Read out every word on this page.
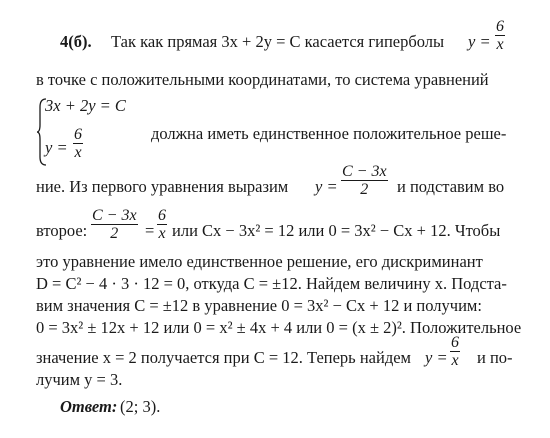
4(б). Так как прямая 3x + 2y = C касается гиперболы y =
6
x
в точке с положительными координатами, то система уравнений
3x + 2y = C
y =
6
x
должна иметь единственное положительное реше-
ние. Из первого уравнения выразим y =
C − 3x
2	и подставим во
второе:
C − 3x
2	=
6
x или Cx − 3x² = 12 или 0 = 3x² − Cx + 12. Чтобы
это уравнение имело единственное решение, его дискриминант
D = C² − 4 · 3 · 12 = 0, откуда C = ±12. Найдем величину x. Подста-
вим значения C = ±12 в уравнение 0 = 3x² − Cx + 12 и получим:
0 = 3x² ± 12x + 12 или 0 = x² ± 4x + 4 или 0 = (x ± 2)². Положительное
значение x = 2 получается при C = 12. Теперь найдем y =
6
x и по-
лучим y = 3.
Ответ: (2; 3).
